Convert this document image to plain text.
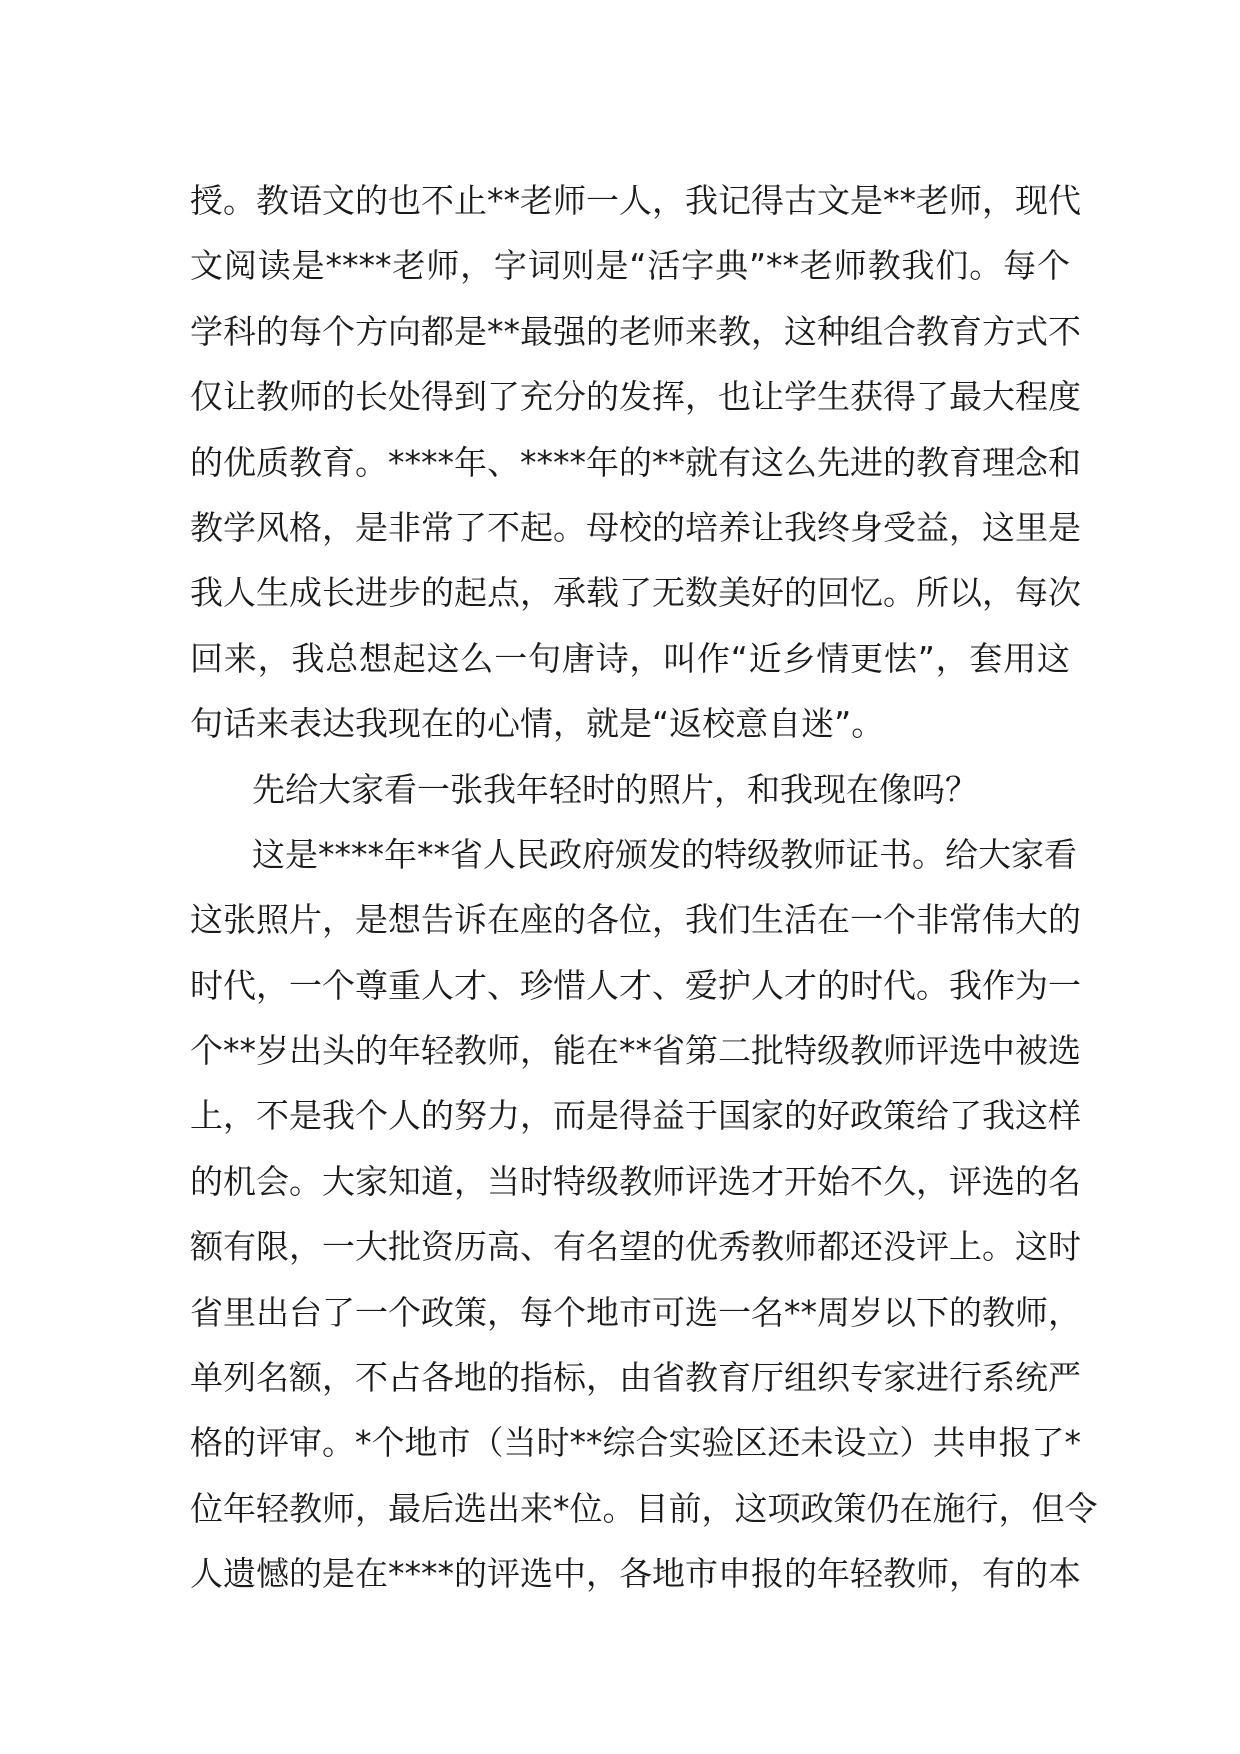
授。教语文的也不止**老师一人，我记得古文是**老师，现代
文阅读是****老师，字词则是“活字典”**老师教我们。每个
学科的每个方向都是**最强的老师来教，这种组合教育方式不
仅让教师的长处得到了充分的发挥，也让学生获得了最大程度
的优质教育。****年、****年的**就有这么先进的教育理念和
教学风格，是非常了不起。母校的培养让我终身受益，这里是
我人生成长进步的起点，承载了无数美好的回忆。所以，每次
回来，我总想起这么一句唐诗，叫作“近乡情更怯”，套用这
句话来表达我现在的心情，就是“返校意自迷”。
先给大家看一张我年轻时的照片，和我现在像吗？
这是****年**省人民政府颁发的特级教师证书。给大家看
这张照片，是想告诉在座的各位，我们生活在一个非常伟大的
时代，一个尊重人才、珍惜人才、爱护人才的时代。我作为一
个**岁出头的年轻教师，能在**省第二批特级教师评选中被选
上，不是我个人的努力，而是得益于国家的好政策给了我这样
的机会。大家知道，当时特级教师评选才开始不久，评选的名
额有限，一大批资历高、有名望的优秀教师都还没评上。这时
省里出台了一个政策，每个地市可选一名**周岁以下的教师，
单列名额，不占各地的指标，由省教育厅组织专家进行系统严
格的评审。*个地市（当时**综合实验区还未设立）共申报了*
位年轻教师，最后选出来*位。目前，这项政策仍在施行，但令
人遗憾的是在****的评选中，各地市申报的年轻教师，有的本
